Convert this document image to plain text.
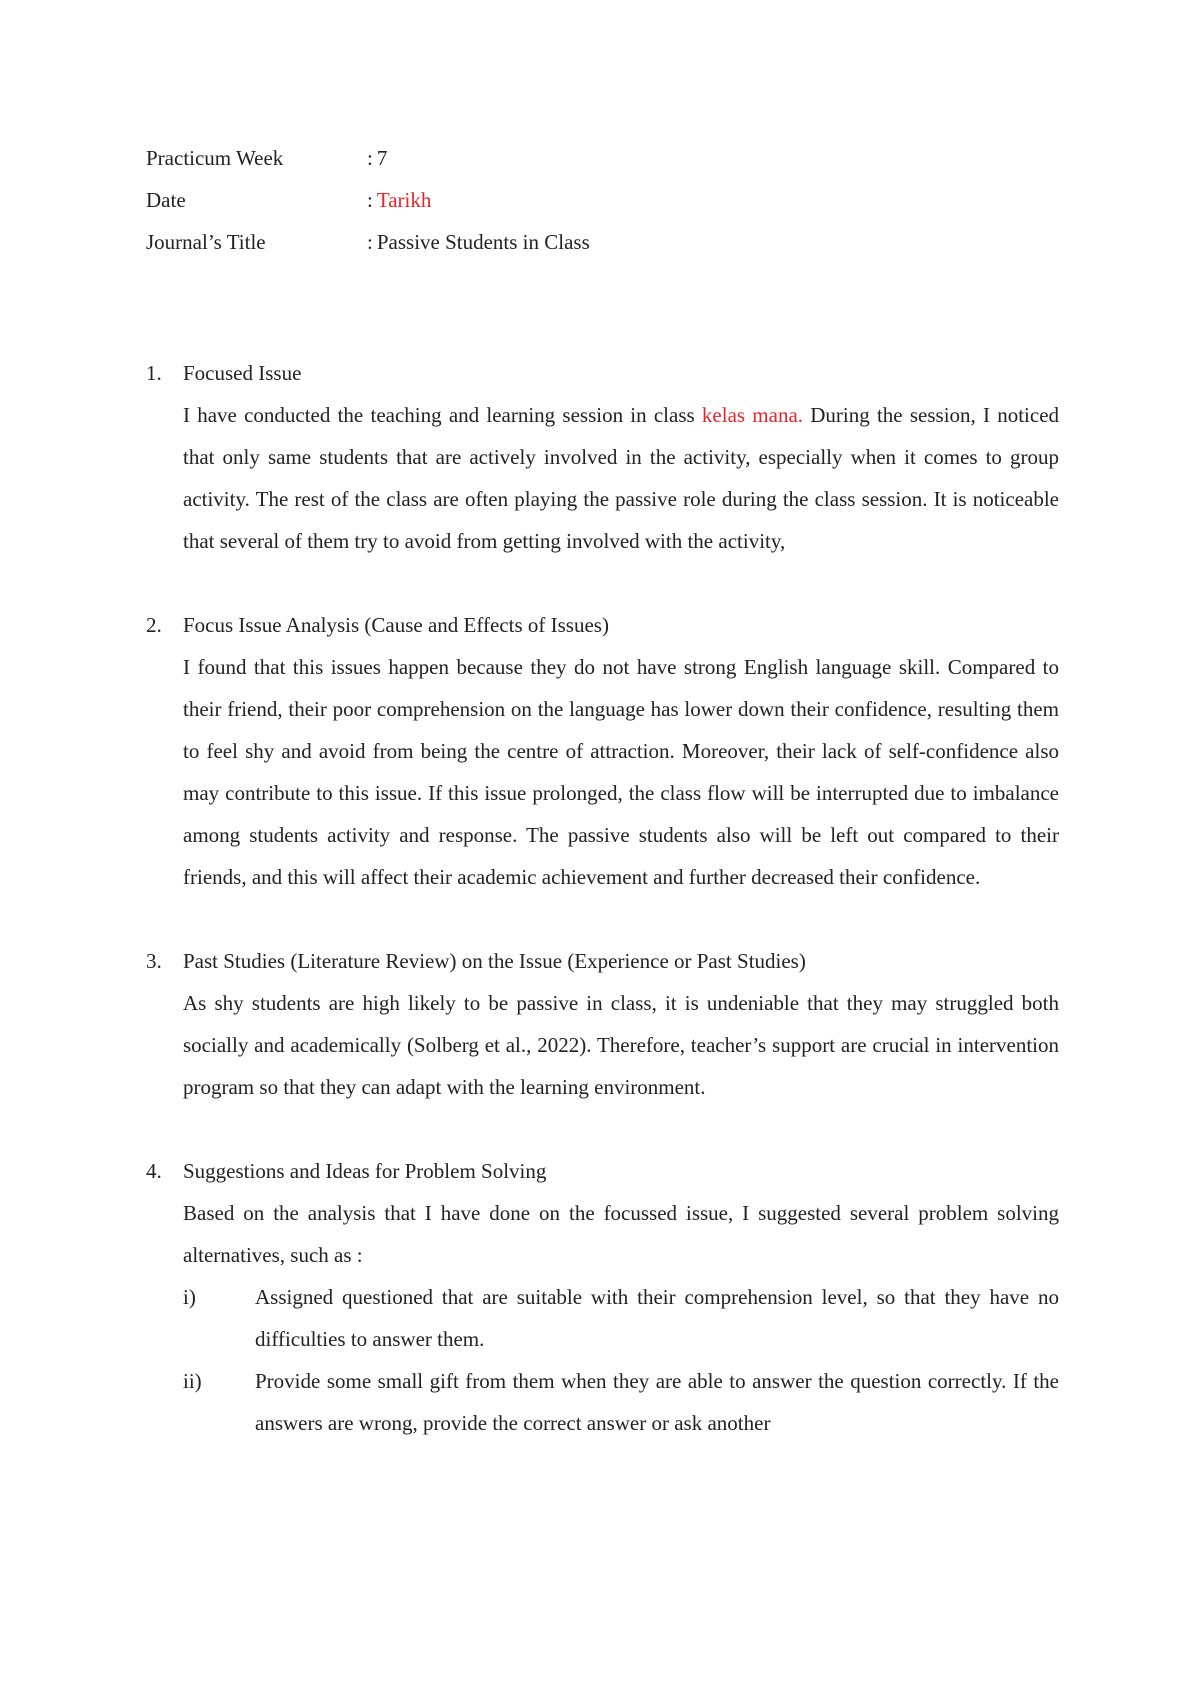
Practicum Week	: 7
Date	: Tarikh
Journal’s Title	: Passive Students in Class
1.	Focused Issue

I have conducted the teaching and learning session in class kelas mana. During the session, I noticed that only same students that are actively involved in the activity, especially when it comes to group activity. The rest of the class are often playing the passive role during the class session. It is noticeable that several of them try to avoid from getting involved with the activity,

2.	Focus Issue Analysis (Cause and Effects of Issues)

I found that this issues happen because they do not have strong English language skill. Compared to their friend, their poor comprehension on the language has lower down their confidence, resulting them to feel shy and avoid from being the centre of attraction. Moreover, their lack of self-confidence also may contribute to this issue. If this issue prolonged, the class flow will be interrupted due to imbalance among students activity and response. The passive students also will be left out compared to their friends, and this will affect their academic achievement and further decreased their confidence.

3.	Past Studies (Literature Review) on the Issue (Experience or Past Studies)

As shy students are high likely to be passive in class, it is undeniable that they may struggled both socially and academically (Solberg et al., 2022). Therefore, teacher’s support are crucial in intervention program so that they can adapt with the learning environment.

4.	Suggestions and Ideas for Problem Solving

Based on the analysis that I have done on the focussed issue, I suggested several problem solving alternatives, such as :

i)	Assigned questioned that are suitable with their comprehension level, so that they have no difficulties to answer them.
ii)	Provide some small gift from them when they are able to answer the question correctly. If the answers are wrong, provide the correct answer or ask another
